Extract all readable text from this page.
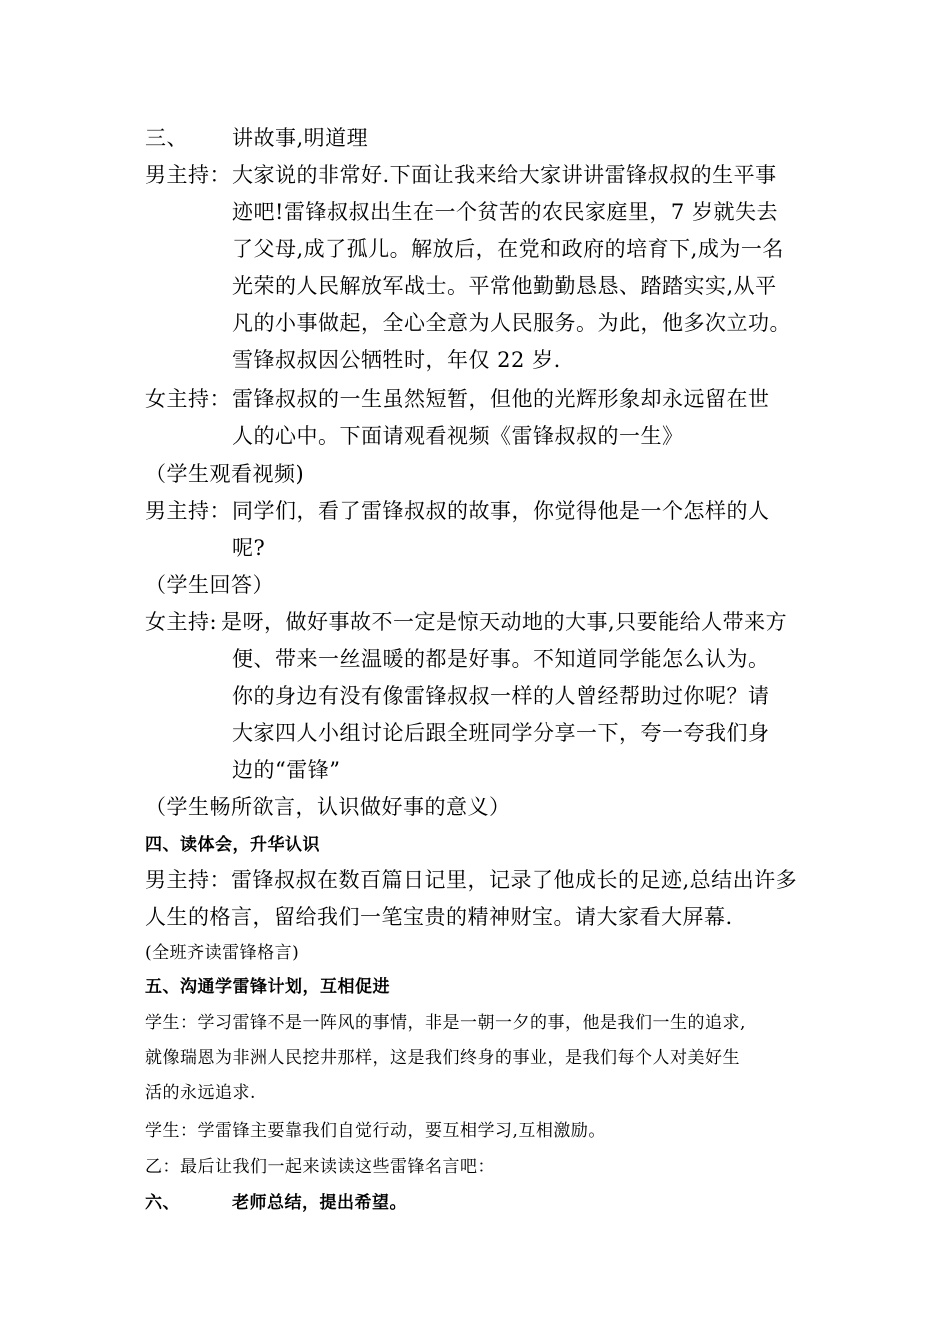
三、 讲故事,明道理
男主持： 大家说的非常好.下面让我来给大家讲讲雷锋叔叔的生平事
迹吧!雷锋叔叔出生在一个贫苦的农民家庭里，7 岁就失去
了父母,成了孤儿。解放后，在党和政府的培育下,成为一名
光荣的人民解放军战士。平常他勤勤恳恳、踏踏实实,从平
凡的小事做起，全心全意为人民服务。为此，他多次立功。
雪锋叔叔因公牺牲时，年仅 22 岁.
女主持： 雷锋叔叔的一生虽然短暂，但他的光辉形象却永远留在世
人的心中。下面请观看视频《雷锋叔叔的一生》
（学生观看视频)
男主持： 同学们，看了雷锋叔叔的故事，你觉得他是一个怎样的人
呢?
（学生回答）
女主持: 是呀，做好事故不一定是惊天动地的大事,只要能给人带来方
便、带来一丝温暖的都是好事。不知道同学能怎么认为。
你的身边有没有像雷锋叔叔一样的人曾经帮助过你呢？请
大家四人小组讨论后跟全班同学分享一下，夸一夸我们身
边的“雷锋”
（学生畅所欲言，认识做好事的意义）
四、读体会，升华认识
男主持：雷锋叔叔在数百篇日记里，记录了他成长的足迹,总结出许多
人生的格言，留给我们一笔宝贵的精神财宝。请大家看大屏幕.
(全班齐读雷锋格言)
五、沟通学雷锋计划，互相促进
学生：学习雷锋不是一阵风的事情，非是一朝一夕的事，他是我们一生的追求,
就像瑞恩为非洲人民挖井那样，这是我们终身的事业，是我们每个人对美好生
活的永远追求.
学生：学雷锋主要靠我们自觉行动，要互相学习,互相激励。
乙：最后让我们一起来读读这些雷锋名言吧：
六、	老师总结，提出希望。
